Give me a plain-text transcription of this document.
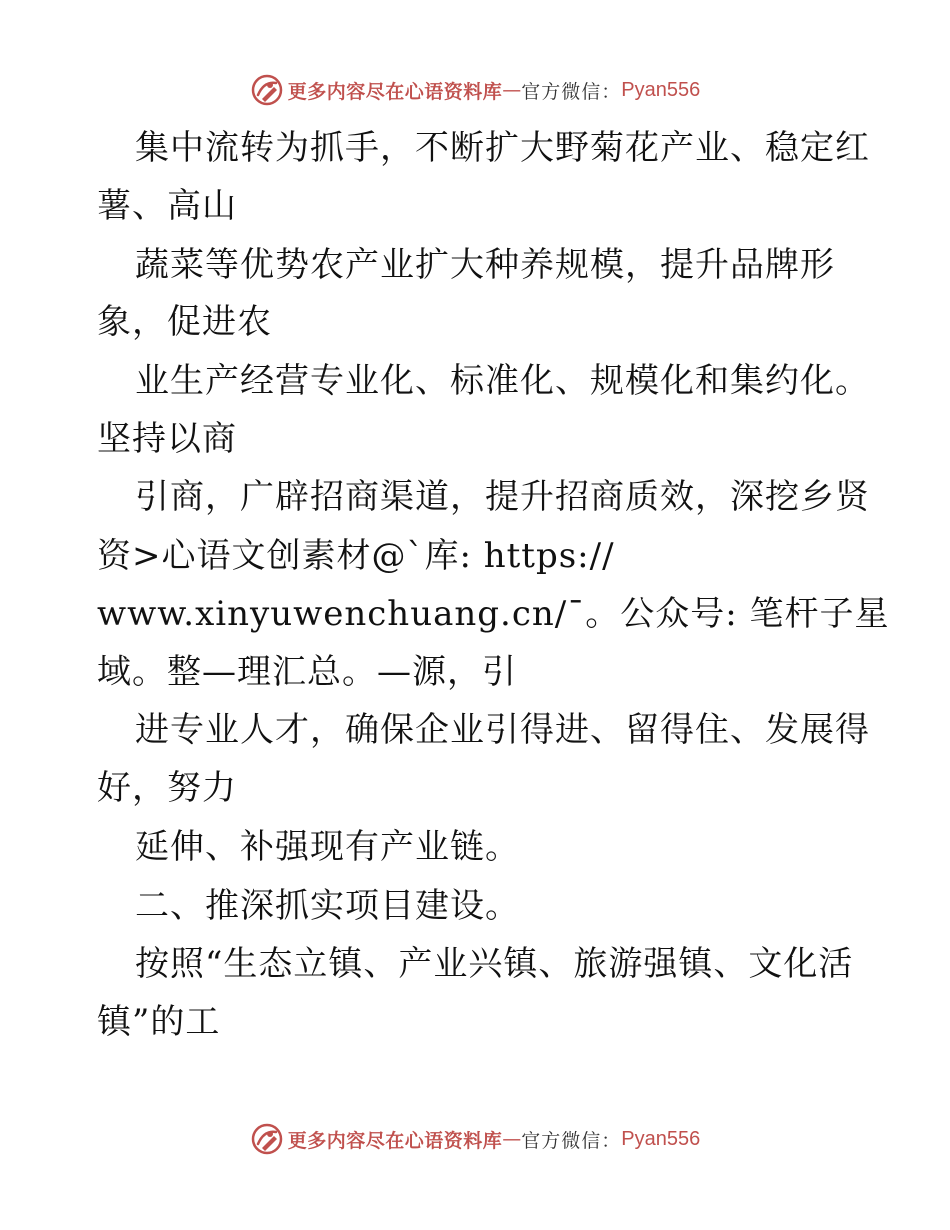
更多内容尽在心语资料库 — 官方微信： Pyan556
集中流转为抓手，不断扩大野菊花产业、稳定红
薯、高山
蔬菜等优势农产业扩大种养规模，提升品牌形
象，促进农
业生产经营专业化、标准化、规模化和集约化。
坚持以商
引商，广辟招商渠道，提升招商质效，深挖乡贤
资>心语文创素材@`库: https://
www.xinyuwenchuang.cn/¯。公众号: 笔杆子星
域。整—理汇总。—源，引
进专业人才，确保企业引得进、留得住、发展得
好，努力
延伸、补强现有产业链。
二、推深抓实项目建设。
按照“生态立镇、产业兴镇、旅游强镇、文化活
镇”的工
更多内容尽在心语资料库 — 官方微信： Pyan556
